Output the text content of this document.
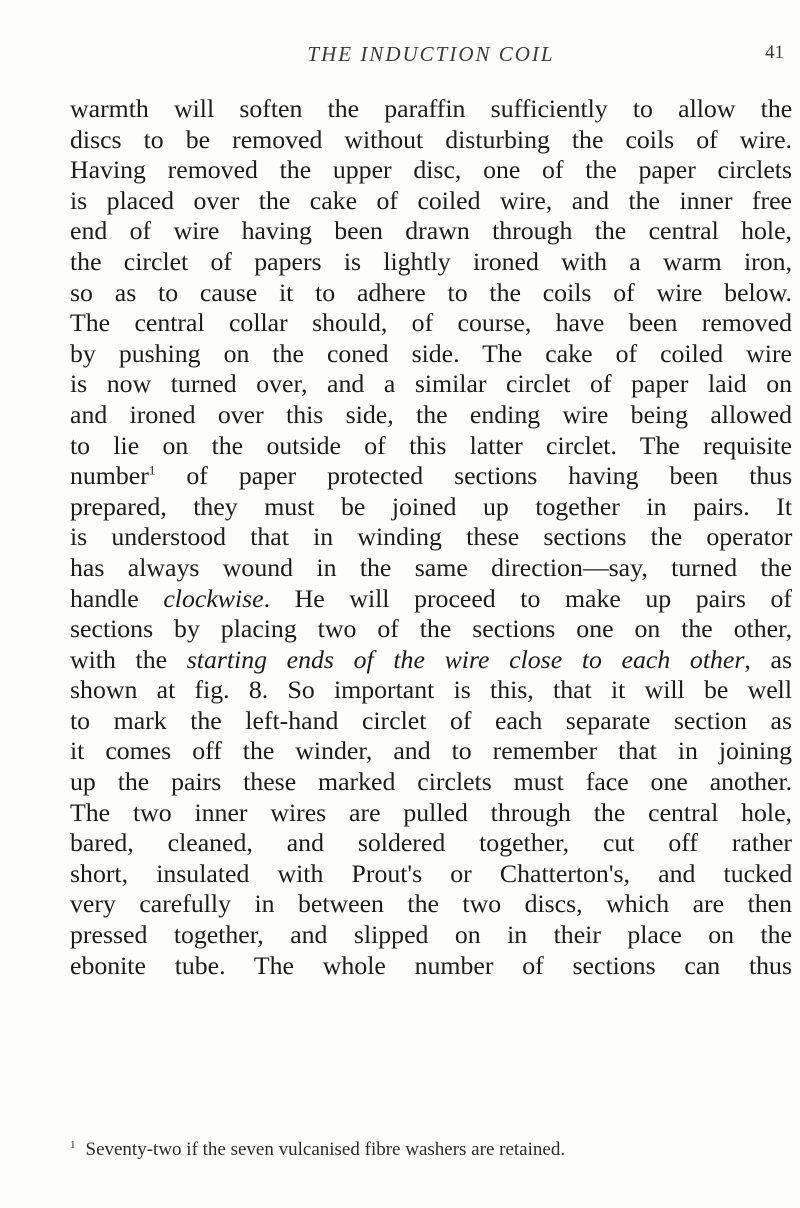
THE INDUCTION COIL	41
warmth will soften the paraffin sufficiently to allow the
discs to be removed without disturbing the coils of wire.
Having removed the upper disc, one of the paper circlets
is placed over the cake of coiled wire, and the inner free
end of wire having been drawn through the central hole,
the circlet of papers is lightly ironed with a warm iron,
so as to cause it to adhere to the coils of wire below.
The central collar should, of course, have been removed
by pushing on the coned side. The cake of coiled wire
is now turned over, and a similar circlet of paper laid on
and ironed over this side, the ending wire being allowed
to lie on the outside of this latter circlet. The requisite
number$^1$ of paper protected sections having been thus
prepared, they must be joined up together in pairs. It
is understood that in winding these sections the operator
has always wound in the same direction—say, turned the
handle clockwise. He will proceed to make up pairs of
sections by placing two of the sections one on the other,
with the starting ends of the wire close to each other, as
shown at fig. 8. So important is this, that it will be well
to mark the left-hand circlet of each separate section as
it comes off the winder, and to remember that in joining
up the pairs these marked circlets must face one another.
The two inner wires are pulled through the central hole,
bared, cleaned, and soldered together, cut off rather
short, insulated with Prout's or Chatterton's, and tucked
very carefully in between the two discs, which are then
pressed together, and slipped on in their place on the
ebonite tube. The whole number of sections can thus
$^1$ Seventy-two if the seven vulcanised fibre washers are retained.
